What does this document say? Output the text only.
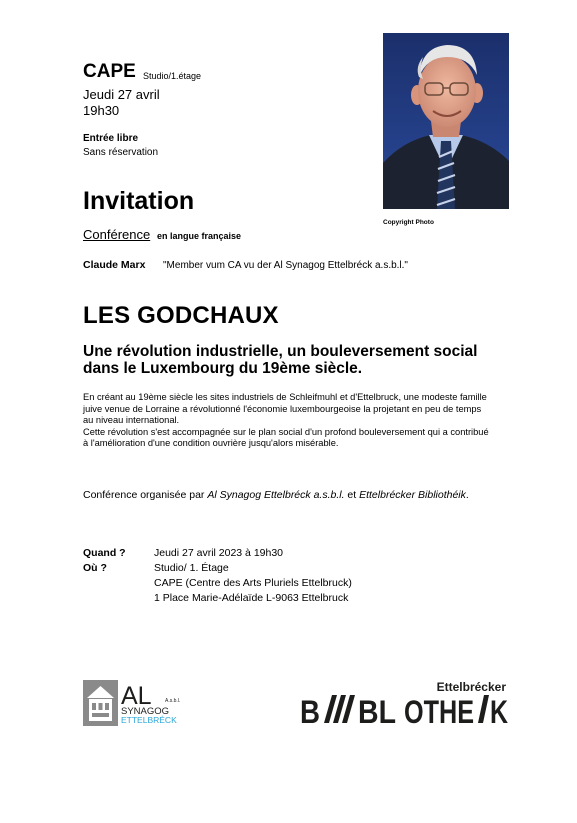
CAPE Studio/1.étage
Jeudi 27 avril
19h30
Entrée libre
Sans réservation
Copyright Photo
Invitation
Conférence en langue française
Claude Marx "Member vum CA vu der Al Synagog Ettelbréck a.s.b.l."
LES GODCHAUX
Une révolution industrielle, un bouleversement social dans le Luxembourg du 19ème siècle.
En créant au 19ème siècle les sites industriels de Schleifmuhl et d'Ettelbruck, une modeste famille juive venue de Lorraine a révolutionné l'économie luxembourgeoise la projetant en peu de temps au niveau international.
Cette révolution s'est accompagnée sur le plan social d'un profond bouleversement qui a contribué à l'amélioration d'une condition ouvrière jusqu'alors misérable.
Conférence organisée par Al Synagog Ettelbréck a.s.b.l. et Ettelbrécker Bibliothéik.
Quand ?	Jeudi 27 avril 2023 à 19h30
Où ?	Studio/ 1. Étage
CAPE (Centre des Arts Pluriels Ettelbruck)
1 Place Marie-Adélaïde L-9063 Ettelbruck
AL	A.s.b.l.
SYNAGOG
ETTELBRÉCK
Ettelbrécker
B BL OTHE K
